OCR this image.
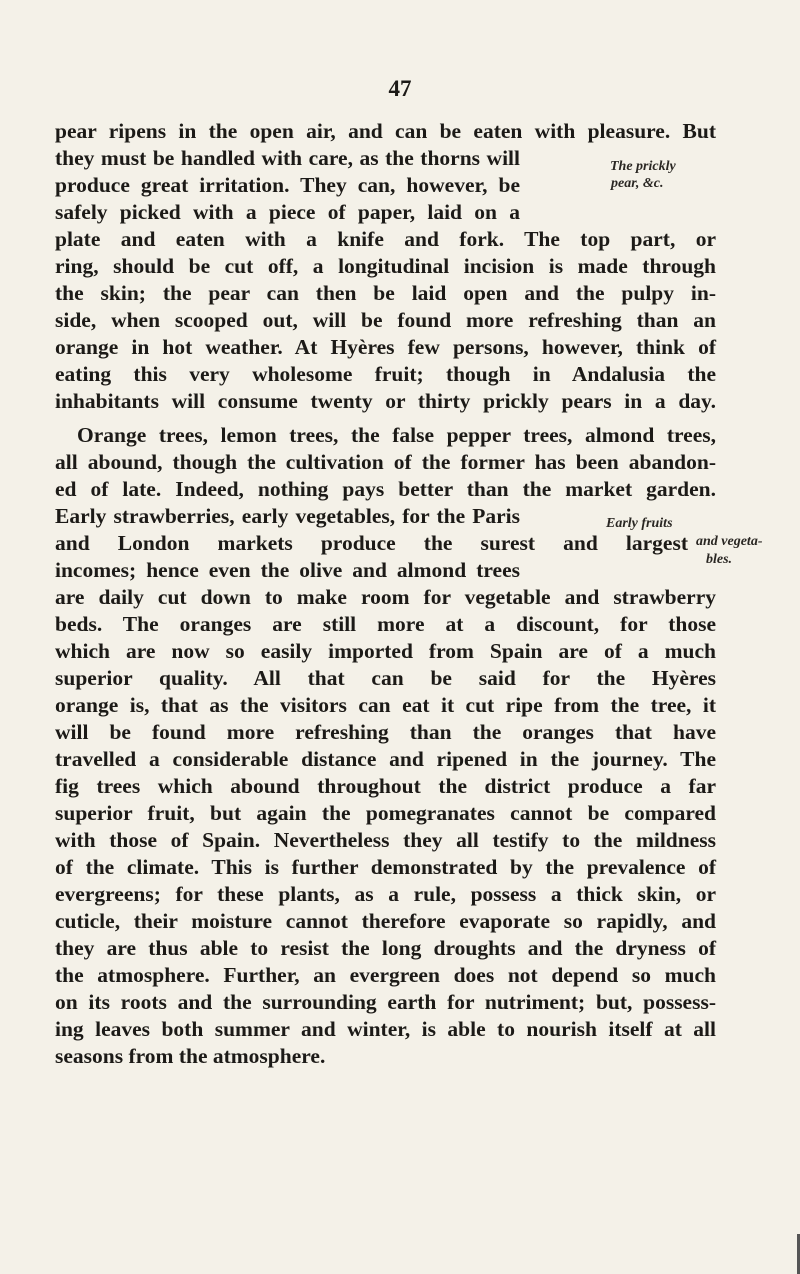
47
pear ripens in the open air, and can be eaten with pleasure. But
they must be handled with care, as the thorns will
produce great irritation. They can, however, be
safely picked with a piece of paper, laid on a
plate and eaten with a knife and fork. The top part, or
ring, should be cut off, a longitudinal incision is made through
the skin; the pear can then be laid open and the pulpy in-
side, when scooped out, will be found more refreshing than an
orange in hot weather. At Hyères few persons, however, think of
eating this very wholesome fruit; though in Andalusia the
inhabitants will consume twenty or thirty prickly pears in a day.
Orange trees, lemon trees, the false pepper trees, almond trees,
all abound, though the cultivation of the former has been abandon-
ed of late. Indeed, nothing pays better than the market garden.
Early strawberries, early vegetables, for the Paris
and London markets produce the surest and largest
incomes; hence even the olive and almond trees
are daily cut down to make room for vegetable and strawberry
beds. The oranges are still more at a discount, for those
which are now so easily imported from Spain are of a much
superior quality. All that can be said for the Hyères
orange is, that as the visitors can eat it cut ripe from the tree, it
will be found more refreshing than the oranges that have
travelled a considerable distance and ripened in the journey. The
fig trees which abound throughout the district produce a far
superior fruit, but again the pomegranates cannot be compared
with those of Spain. Nevertheless they all testify to the mildness
of the climate. This is further demonstrated by the prevalence of
evergreens; for these plants, as a rule, possess a thick skin, or
cuticle, their moisture cannot therefore evaporate so rapidly, and
they are thus able to resist the long droughts and the dryness of
the atmosphere. Further, an evergreen does not depend so much
on its roots and the surrounding earth for nutriment; but, possess-
ing leaves both summer and winter, is able to nourish itself at all
seasons from the atmosphere.
The prickly
pear, &c.
Early fruits
and vegeta-
bles.
